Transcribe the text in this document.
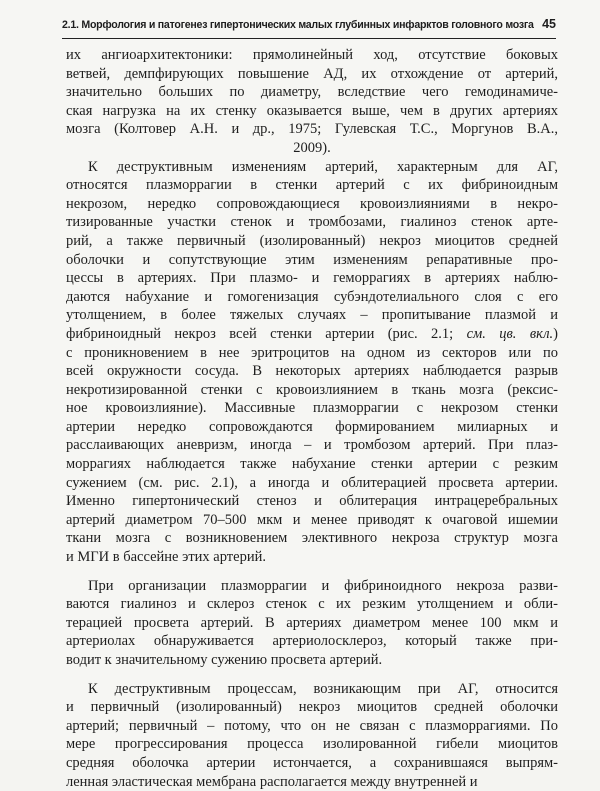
2.1. Морфология и патогенез гипертонических малых глубинных инфарктов головного мозга 45
их ангиоархитектоники: прямолинейный ход, отсутствие боковых
ветвей, демпфирующих повышение АД, их отхождение от артерий,
значительно больших по диаметру, вследствие чего гемодинамиче-
ская нагрузка на их стенку оказывается выше, чем в других артериях
мозга (Колтовер А.Н. и др., 1975; Гулевская Т.С., Моргунов В.А.,
2009).
К деструктивным изменениям артерий, характерным для АГ,
относятся плазморрагии в стенки артерий с их фибриноидным
некрозом, нередко сопровождающиеся кровоизлияниями в некро-
тизированные участки стенок и тромбозами, гиалиноз стенок арте-
рий, а также первичный (изолированный) некроз миоцитов средней
оболочки и сопутствующие этим изменениям репаративные про-
цессы в артериях. При плазмо- и геморрагиях в артериях наблю-
даются набухание и гомогенизация субэндотелиального слоя с его
утолщением, в более тяжелых случаях – пропитывание плазмой и
фибриноидный некроз всей стенки артерии (рис. 2.1; см. цв. вкл.)
с проникновением в нее эритроцитов на одном из секторов или по
всей окружности сосуда. В некоторых артериях наблюдается разрыв
некротизированной стенки с кровоизлиянием в ткань мозга (рексис-
ное кровоизлияние). Массивные плазморрагии с некрозом стенки
артерии нередко сопровождаются формированием милиарных и
расслаивающих аневризм, иногда – и тромбозом артерий. При плаз-
моррагиях наблюдается также набухание стенки артерии с резким
сужением (см. рис. 2.1), а иногда и облитерацией просвета артерии.
Именно гипертонический стеноз и облитерация интрацеребральных
артерий диаметром 70–500 мкм и менее приводят к очаговой ишемии
ткани мозга с возникновением элективного некроза структур мозга
и МГИ в бассейне этих артерий.
При организации плазморрагии и фибриноидного некроза разви-
ваются гиалиноз и склероз стенок с их резким утолщением и обли-
терацией просвета артерий. В артериях диаметром менее 100 мкм и
артериолах обнаруживается артериолосклероз, который также при-
водит к значительному сужению просвета артерий.
К деструктивным процессам, возникающим при АГ, относится
и первичный (изолированный) некроз миоцитов средней оболочки
артерий; первичный – потому, что он не связан с плазморрагиями. По
мере прогрессирования процесса изолированной гибели миоцитов
средняя оболочка артерии истончается, а сохранившаяся выпрям-
ленная эластическая мембрана располагается между внутренней и
